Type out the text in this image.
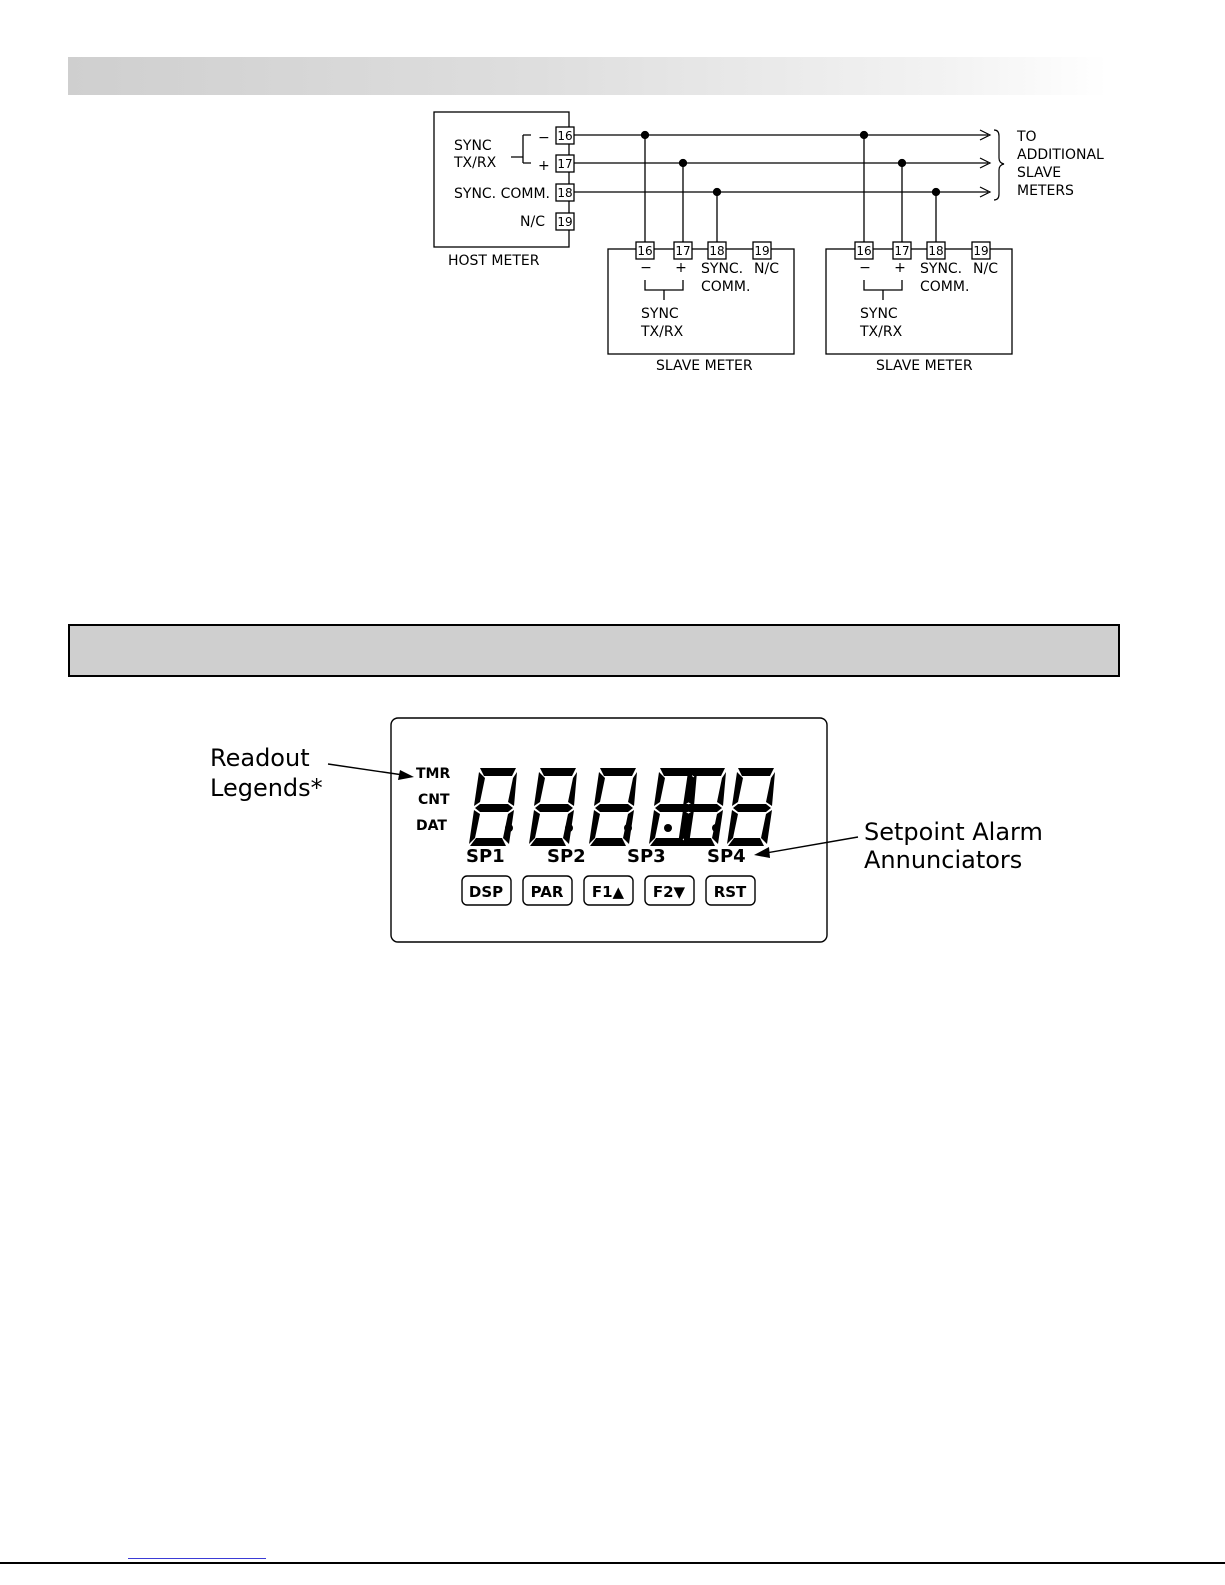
SYNC
TX/RX
−
+
SYNC. COMM.
N/C
16
17
18
19
HOST METER
TO
ADDITIONAL
SLAVE
METERS
16 17 18 19
− + SYNC.
COMM.
N/C
SYNC
TX/RX
SLAVE METER
16 17 18 19
− + SYNC.
COMM.
N/C
SYNC
TX/RX
SLAVE METER
TMR
CNT
DAT
SP1 SP2 SP3 SP4
DSP PAR F1▲ F2▼ RST
Readout
Legends*
Setpoint Alarm
Annunciators
